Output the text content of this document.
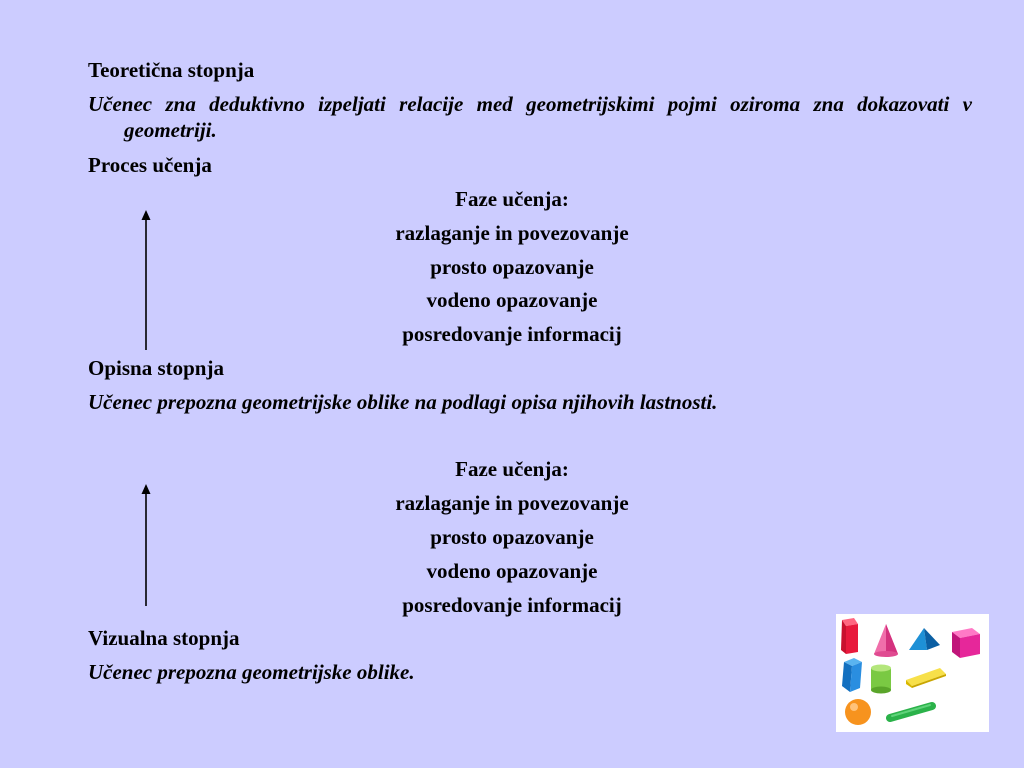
Teoretična stopnja
Učenec zna deduktivno izpeljati relacije med geometrijskimi pojmi oziroma zna dokazovati v geometriji.
Proces učenja
Faze učenja:
razlaganje in povezovanje
prosto opazovanje
vodeno opazovanje
posredovanje informacij
Opisna stopnja
Učenec prepozna geometrijske oblike na podlagi opisa njihovih lastnosti.
Faze učenja:
razlaganje in povezovanje
prosto opazovanje
vodeno opazovanje
posredovanje informacij
Vizualna stopnja
Učenec prepozna geometrijske oblike.
